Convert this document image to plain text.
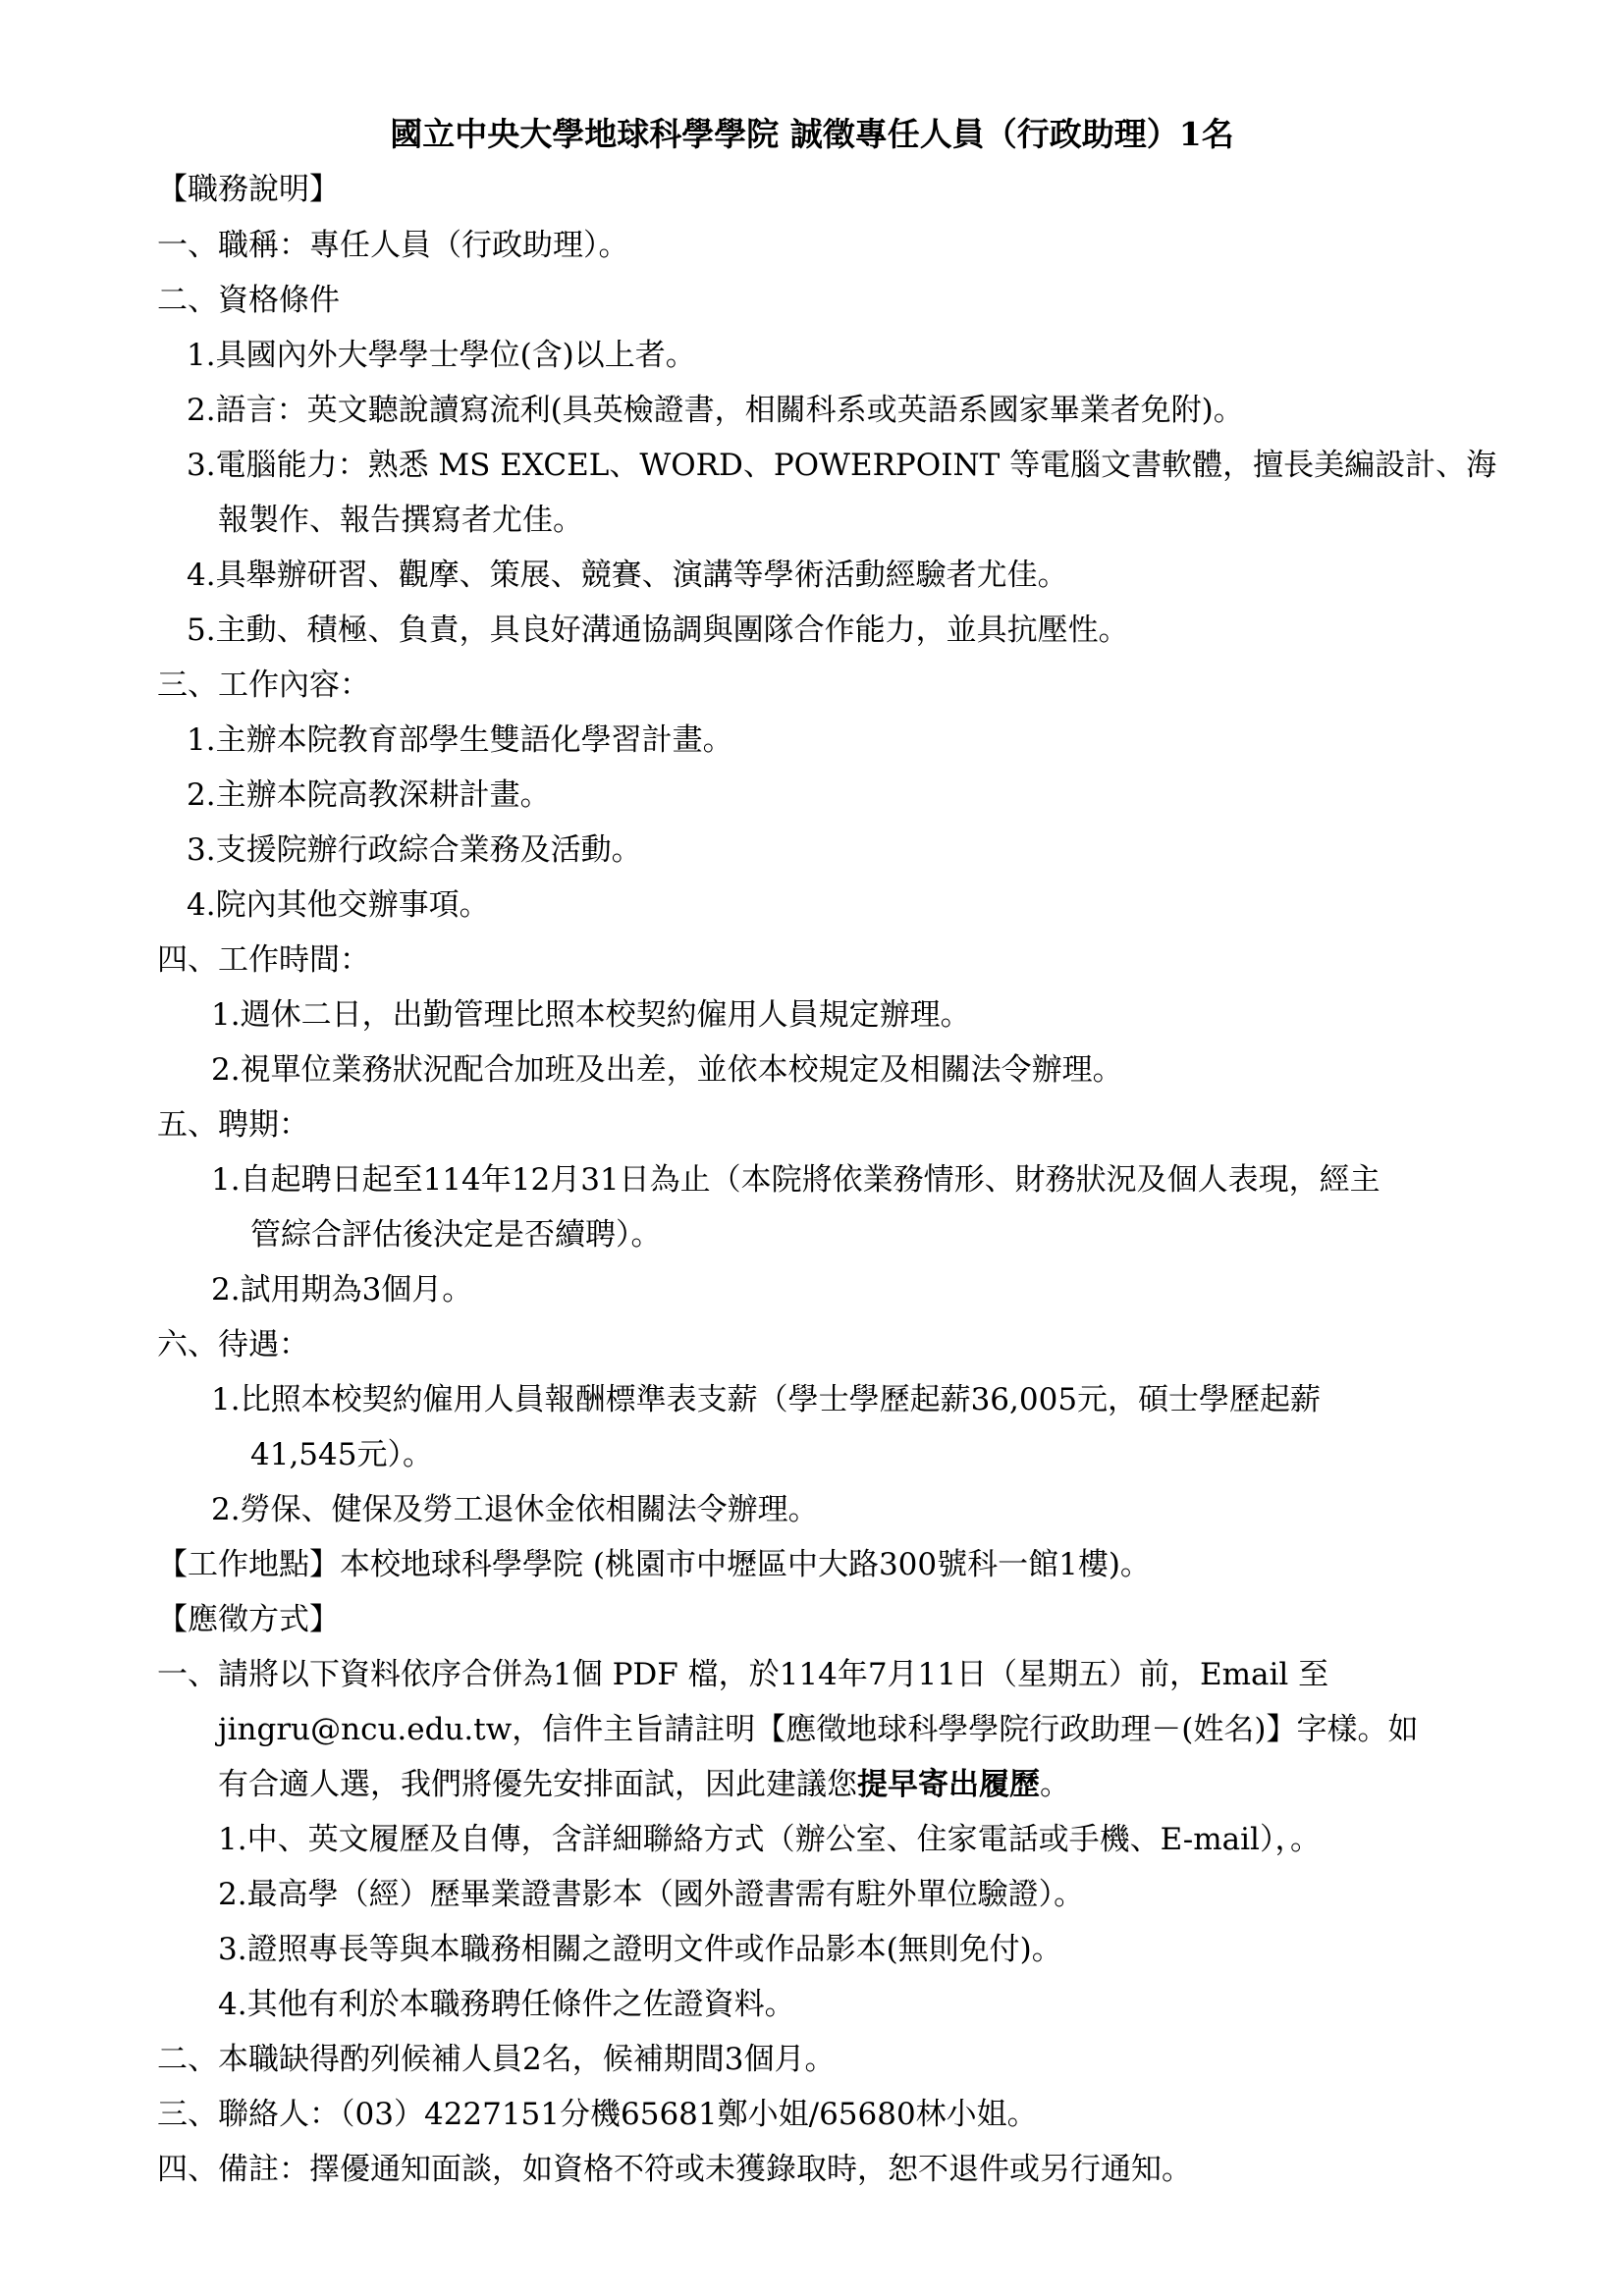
國立中央大學地球科學學院 誠徵專任人員（行政助理）1名
【職務說明】
一、職稱：專任人員（行政助理）。
二、資格條件
1.具國內外大學學士學位(含)以上者。
2.語言：英文聽說讀寫流利(具英檢證書，相關科系或英語系國家畢業者免附)。
3.電腦能力：熟悉 MS EXCEL、WORD、POWERPOINT 等電腦文書軟體，擅長美編設計、海
報製作、報告撰寫者尤佳。
4.具舉辦研習、觀摩、策展、競賽、演講等學術活動經驗者尤佳。
5.主動、積極、負責，具良好溝通協調與團隊合作能力，並具抗壓性。
三、工作內容：
1.主辦本院教育部學生雙語化學習計畫。
2.主辦本院高教深耕計畫。
3.支援院辦行政綜合業務及活動。
4.院內其他交辦事項。
四、工作時間：
1.週休二日，出勤管理比照本校契約僱用人員規定辦理。
2.視單位業務狀況配合加班及出差，並依本校規定及相關法令辦理。
五、聘期：
1.自起聘日起至114年12月31日為止（本院將依業務情形、財務狀況及個人表現，經主
管綜合評估後決定是否續聘）。
2.試用期為3個月。
六、待遇：
1.比照本校契約僱用人員報酬標準表支薪（學士學歷起薪36,005元，碩士學歷起薪
41,545元）。
2.勞保、健保及勞工退休金依相關法令辦理。
【工作地點】本校地球科學學院 (桃園市中壢區中大路300號科一館1樓)。
【應徵方式】
一、請將以下資料依序合併為1個 PDF 檔，於114年7月11日（星期五）前，Email 至
jingru@ncu.edu.tw，信件主旨請註明【應徵地球科學學院行政助理－(姓名)】字樣。如
有合適人選，我們將優先安排面試，因此建議您提早寄出履歷。
1.中、英文履歷及自傳，含詳細聯絡方式（辦公室、住家電話或手機、E-mail），。
2.最高學（經）歷畢業證書影本（國外證書需有駐外單位驗證）。
3.證照專長等與本職務相關之證明文件或作品影本(無則免付)。
4.其他有利於本職務聘任條件之佐證資料。
二、本職缺得酌列候補人員2名，候補期間3個月。
三、聯絡人：（03）4227151分機65681鄭小姐/65680林小姐。
四、備註：擇優通知面談，如資格不符或未獲錄取時，恕不退件或另行通知。
